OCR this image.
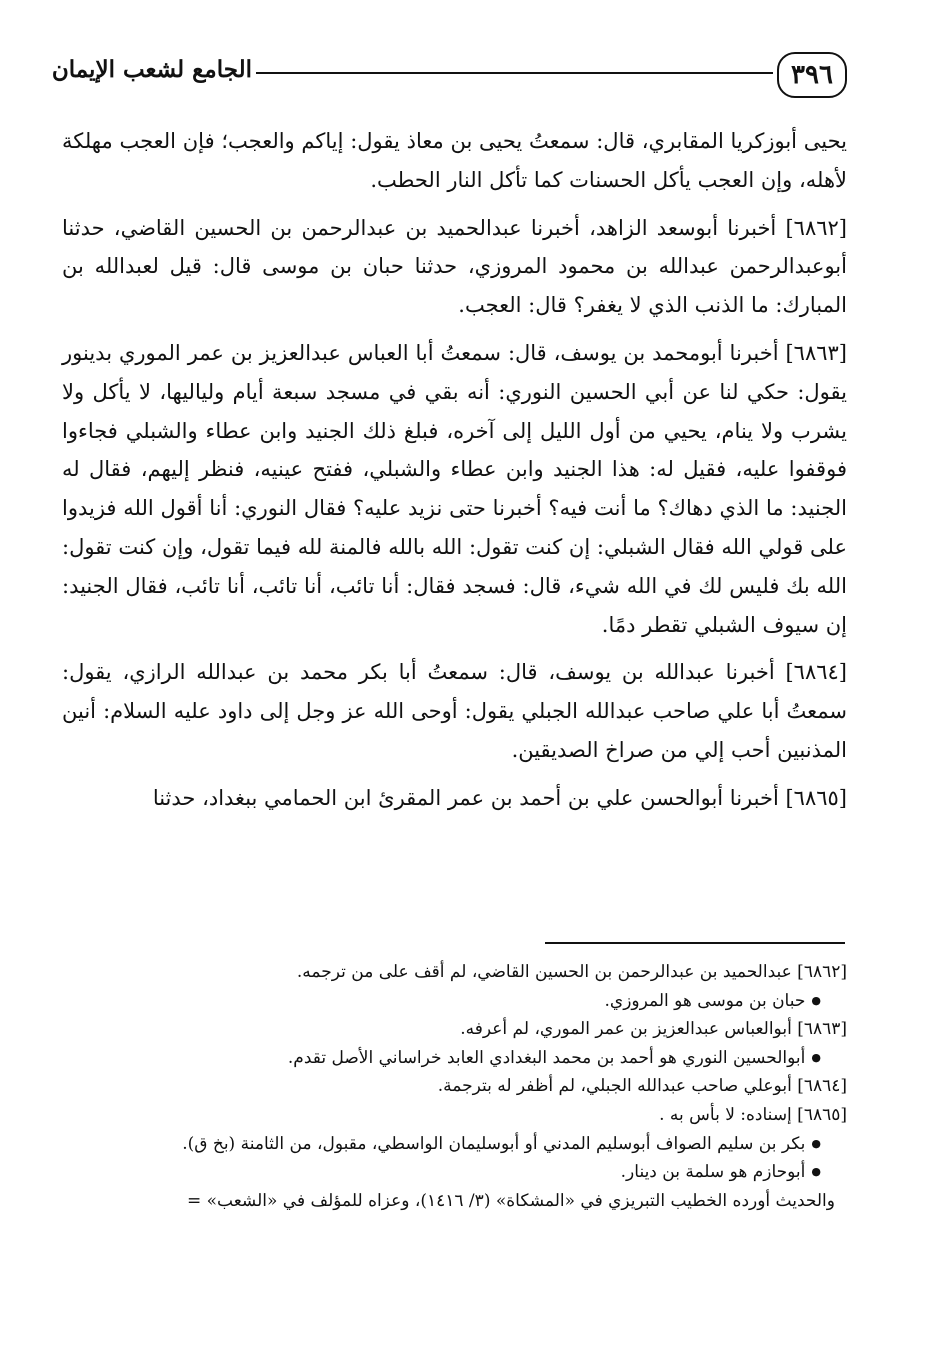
٣٩٦
الجامع لشعب الإيمان

يحيى أبوزكريا المقابري، قال: سمعتُ يحيى بن معاذ يقول: إياكم والعجب؛ فإن العجب مهلكة لأهله، وإن العجب يأكل الحسنات كما تأكل النار الحطب.

[٦٨٦٢] أخبرنا أبوسعد الزاهد، أخبرنا عبدالحميد بن عبدالرحمن بن الحسين القاضي، حدثنا أبوعبدالرحمن عبدالله بن محمود المروزي، حدثنا حبان بن موسى قال: قيل لعبدالله بن المبارك: ما الذنب الذي لا يغفر؟ قال: العجب.

[٦٨٦٣] أخبرنا أبومحمد بن يوسف، قال: سمعتُ أبا العباس عبدالعزيز بن عمر الموري بدينور يقول: حكي لنا عن أبي الحسين النوري: أنه بقي في مسجد سبعة أيام ولياليها، لا يأكل ولا يشرب ولا ينام، يحيي من أول الليل إلى آخره، فبلغ ذلك الجنيد وابن عطاء والشبلي فجاءوا فوقفوا عليه، فقيل له: هذا الجنيد وابن عطاء والشبلي، ففتح عينيه، فنظر إليهم، فقال له الجنيد: ما الذي دهاك؟ ما أنت فيه؟ أخبرنا حتى نزيد عليه؟ فقال النوري: أنا أقول الله فزيدوا على قولي الله فقال الشبلي: إن كنت تقول: الله بالله فالمنة لله فيما تقول، وإن كنت تقول: الله بك فليس لك في الله شيء، قال: فسجد فقال: أنا تائب، أنا تائب، أنا تائب، فقال الجنيد: إن سيوف الشبلي تقطر دمًا.

[٦٨٦٤] أخبرنا عبدالله بن يوسف، قال: سمعتُ أبا بكر محمد بن عبدالله الرازي، يقول: سمعتُ أبا علي صاحب عبدالله الجبلي يقول: أوحى الله عز وجل إلى داود عليه السلام: أنين المذنبين أحب إلي من صراخ الصديقين.

[٦٨٦٥] أخبرنا أبوالحسن علي بن أحمد بن عمر المقرئ ابن الحمامي ببغداد، حدثنا

[٦٨٦٢] عبدالحميد بن عبدالرحمن بن الحسين القاضي، لم أقف على من ترجمه.

● حبان بن موسى هو المروزي.

[٦٨٦٣] أبوالعباس عبدالعزيز بن عمر الموري، لم أعرفه.

● أبوالحسين النوري هو أحمد بن محمد البغدادي العابد خراساني الأصل تقدم.

[٦٨٦٤] أبوعلي صاحب عبدالله الجبلي، لم أظفر له بترجمة.

[٦٨٦٥] إسناده: لا بأس به .

● بكر بن سليم الصواف أبوسليم المدني أو أبوسليمان الواسطي، مقبول، من الثامنة (بخ ق).

● أبوحازم هو سلمة بن دينار.

والحديث أورده الخطيب التبريزي في «المشكاة» (٣/ ١٤١٦)، وعزاه للمؤلف في «الشعب» =
